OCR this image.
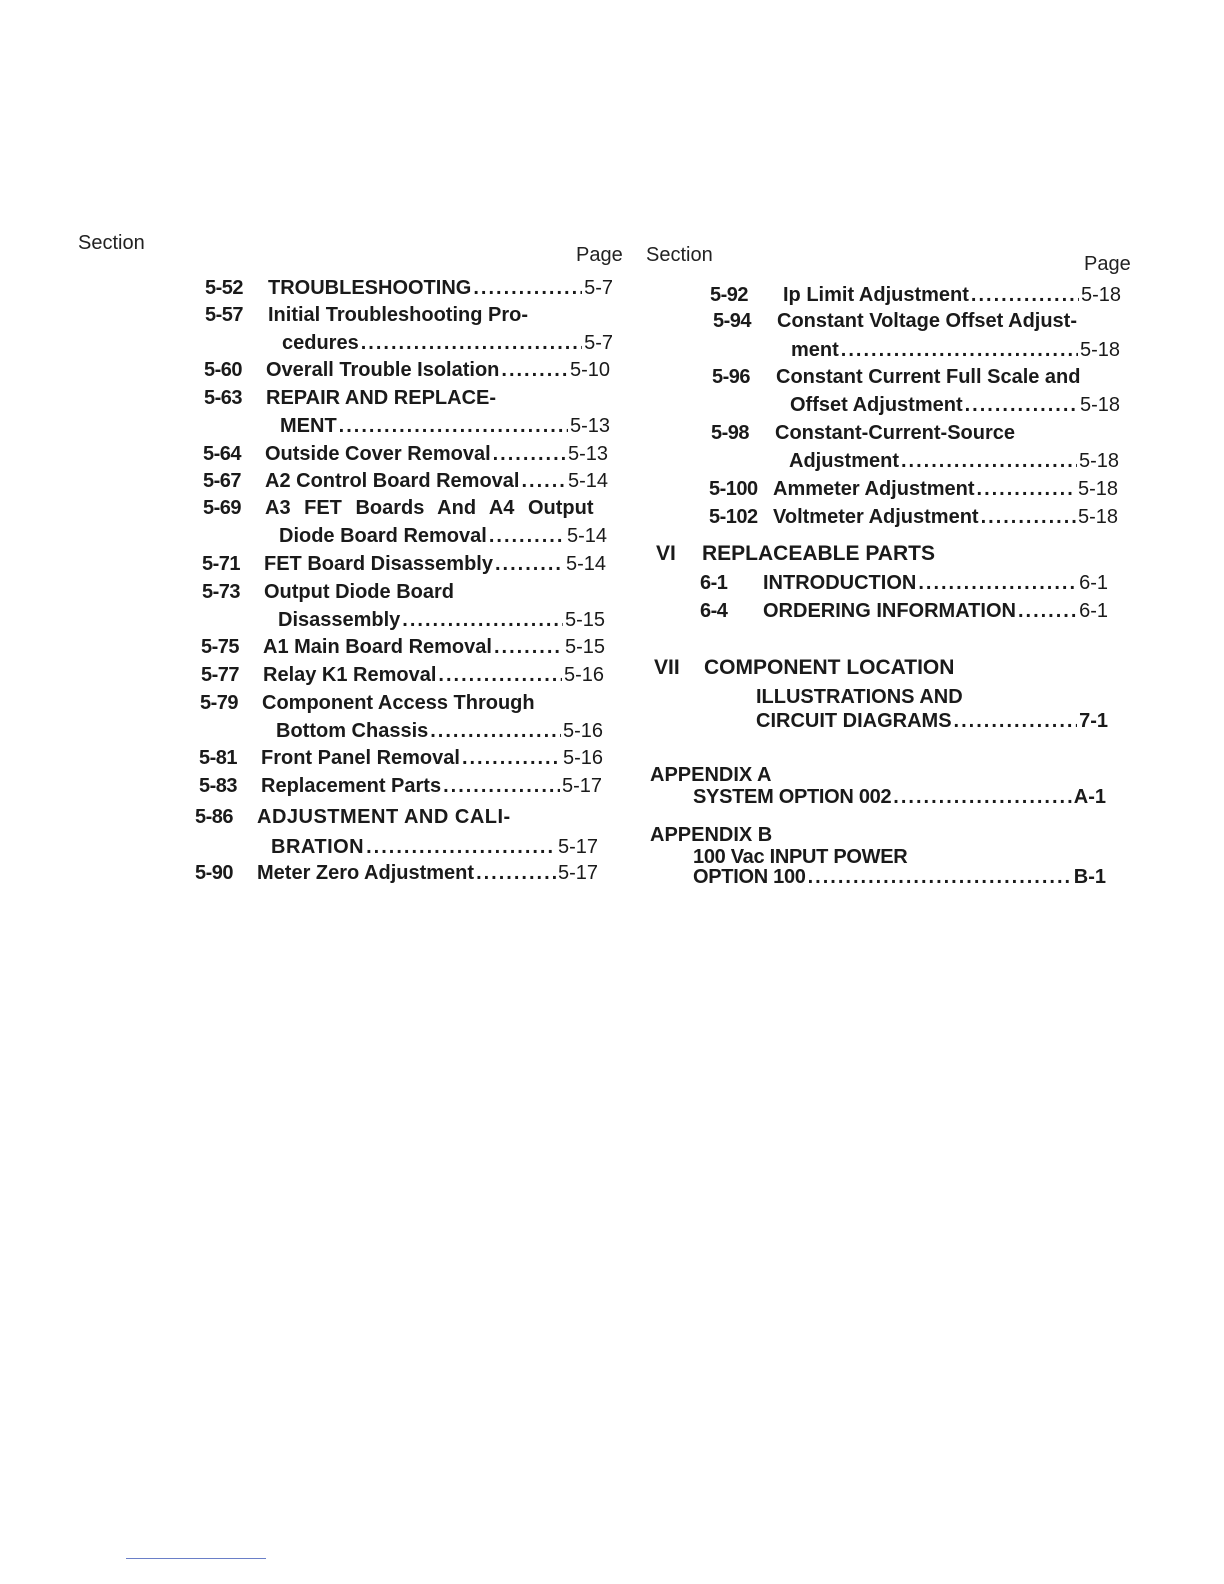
Section
Page
5-52 TROUBLESHOOTING .....	5-7
5-57 Initial Troubleshooting Pro-
cedures .....	5-7
5-60 Overall Trouble Isolation .....	5-10
5-63 REPAIR AND REPLACE-
MENT .....	5-13
5-64 Outside Cover Removal .....	5-13
5-67 A2 Control Board Removal ..... 5-14
5-69 A3 FET Boards And A4 Output
Diode Board Removal .....	5-14
5-71 FET Board Disassembly .....	5-14
5-73 Output Diode Board
Disassembly .....	5-15
5-75 A1 Main Board Removal .....	5-15
5-77 Relay K1 Removal .....	5-16
5-79 Component Access Through
Bottom Chassis .....	5-16
5-81 Front Panel Removal .....	5-16
5-83 Replacement Parts .....	5-17
5-86 ADJUSTMENT AND CALI-
BRATION .....	5-17
5-90 Meter Zero Adjustment .....	5-17
Section	Page
5-92 Ip Limit Adjustment .....	5-18
5-94 Constant Voltage Offset Adjust-
ment .....	5-18
5-96 Constant Current Full Scale and
Offset Adjustment .....	5-18
5-98 Constant-Current-Source
Adjustment .....	5-18
5-100 Ammeter Adjustment .....	5-18
5-102 Voltmeter Adjustment .....	5-18
VI REPLACEABLE PARTS
6-1 INTRODUCTION .....	6-1
6-4 ORDERING INFORMATION .....	6-1
VII COMPONENT LOCATION
ILLUSTRATIONS AND
CIRCUIT DIAGRAMS .....	7-1
APPENDIX A
SYSTEM OPTION 002 .....	A-1
APPENDIX B
100 Vac INPUT POWER
OPTION 100 .....	B-1
